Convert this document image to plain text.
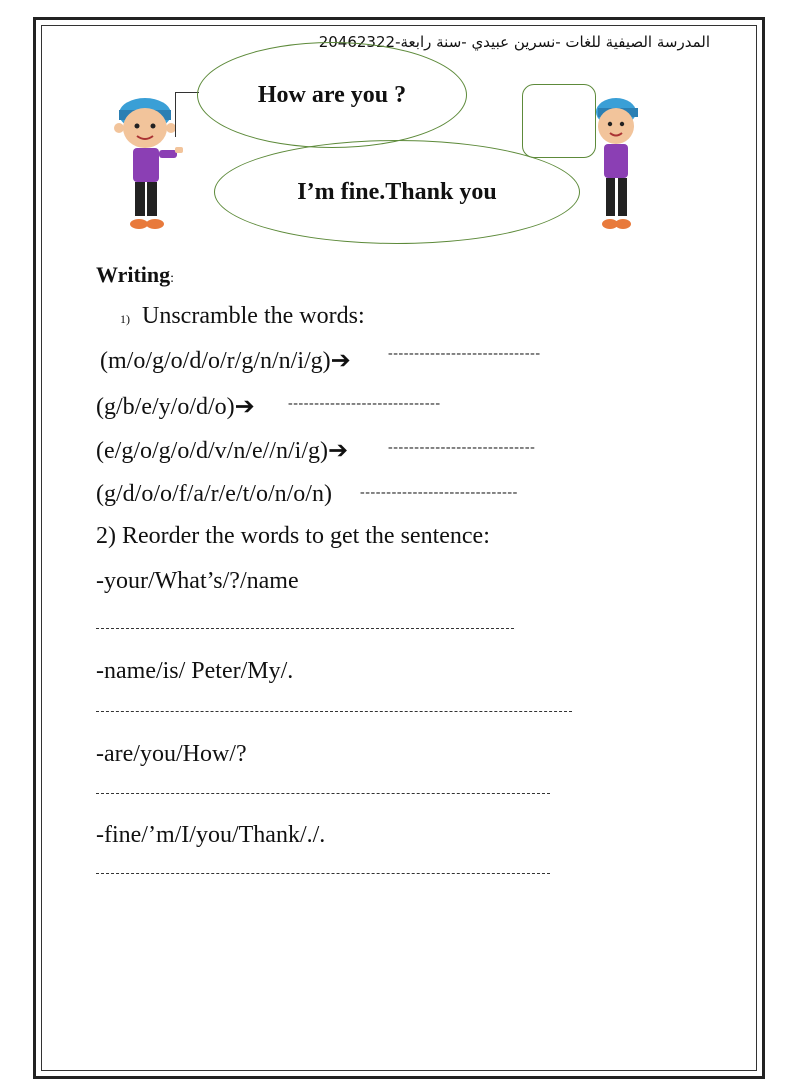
المدرسة الصيفية للغات -نسرين عبيدي -سنة رابعة-20462322
How are you ?
I’m fine.Thank you
Writing:
1) Unscramble the words:
(m/o/g/o/d/o/r/g/n/n/i/g)➔	-----------------------------
(g/b/e/y/o/d/o)➔ -----------------------------
(e/g/o/g/o/d/v/n/e//n/i/g)➔	----------------------------
(g/d/o/o/f/a/r/e/t/o/n/o/n) ------------------------------
2) Reorder the words to get the sentence:
-your/What’s/?/name
-name/is/ Peter/My/.
-are/you/How/?
-fine/’m/I/you/Thank/./.
